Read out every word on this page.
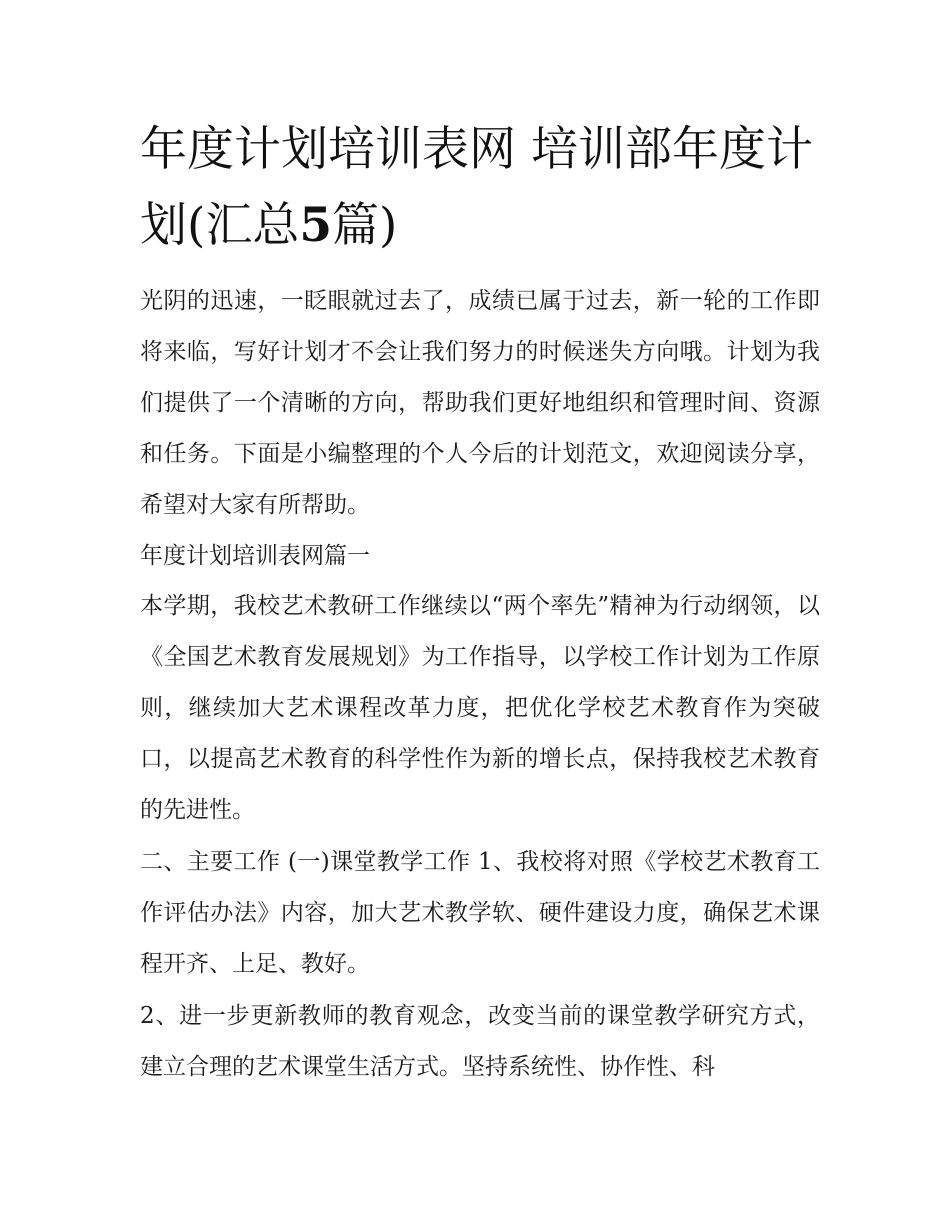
年度计划培训表网 培训部年度计划(汇总5篇)

光阴的迅速，一眨眼就过去了，成绩已属于过去，新一轮的工作即将来临，写好计划才不会让我们努力的时候迷失方向哦。计划为我们提供了一个清晰的方向，帮助我们更好地组织和管理时间、资源和任务。下面是小编整理的个人今后的计划范文，欢迎阅读分享，希望对大家有所帮助。

年度计划培训表网篇一

本学期，我校艺术教研工作继续以“两个率先”精神为行动纲领，以《全国艺术教育发展规划》为工作指导，以学校工作计划为工作原则，继续加大艺术课程改革力度，把优化学校艺术教育作为突破口，以提高艺术教育的科学性作为新的增长点，保持我校艺术教育的先进性。

二、主要工作 (一)课堂教学工作 1、我校将对照《学校艺术教育工作评估办法》内容，加大艺术教学软、硬件建设力度，确保艺术课程开齐、上足、教好。

2、进一步更新教师的教育观念，改变当前的课堂教学研究方式，建立合理的艺术课堂生活方式。坚持系统性、协作性、科
